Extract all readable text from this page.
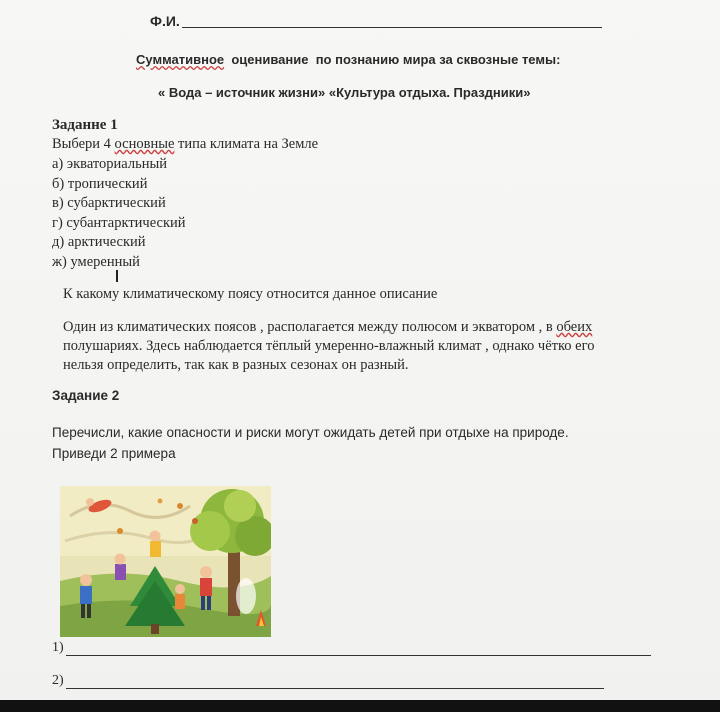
Ф.И.
Суммативное  оценивание  по познанию мира за сквозные темы:
« Вода – источник жизни» «Культура отдыха. Праздники»
Заданне 1
Выбери 4 основные типа климата на Земле
а) экваториальный
б) тропический
в) субарктический
г) субантарктический
д) арктический
ж) умеренный
К какому климатическому поясу относится данное описание
Один из климатических поясов , располагается между полюсом и экватором , в обеих
полушариях. Здесь наблюдается тёплый умеренно-влажный климат , однако чётко его
нельзя определить, так как в разных сезонах он разный.
Задание 2
Перечисли, какие опасности и риски могут ожидать детей при отдыхе на природе.
Приведи 2 примера
1)
2)
